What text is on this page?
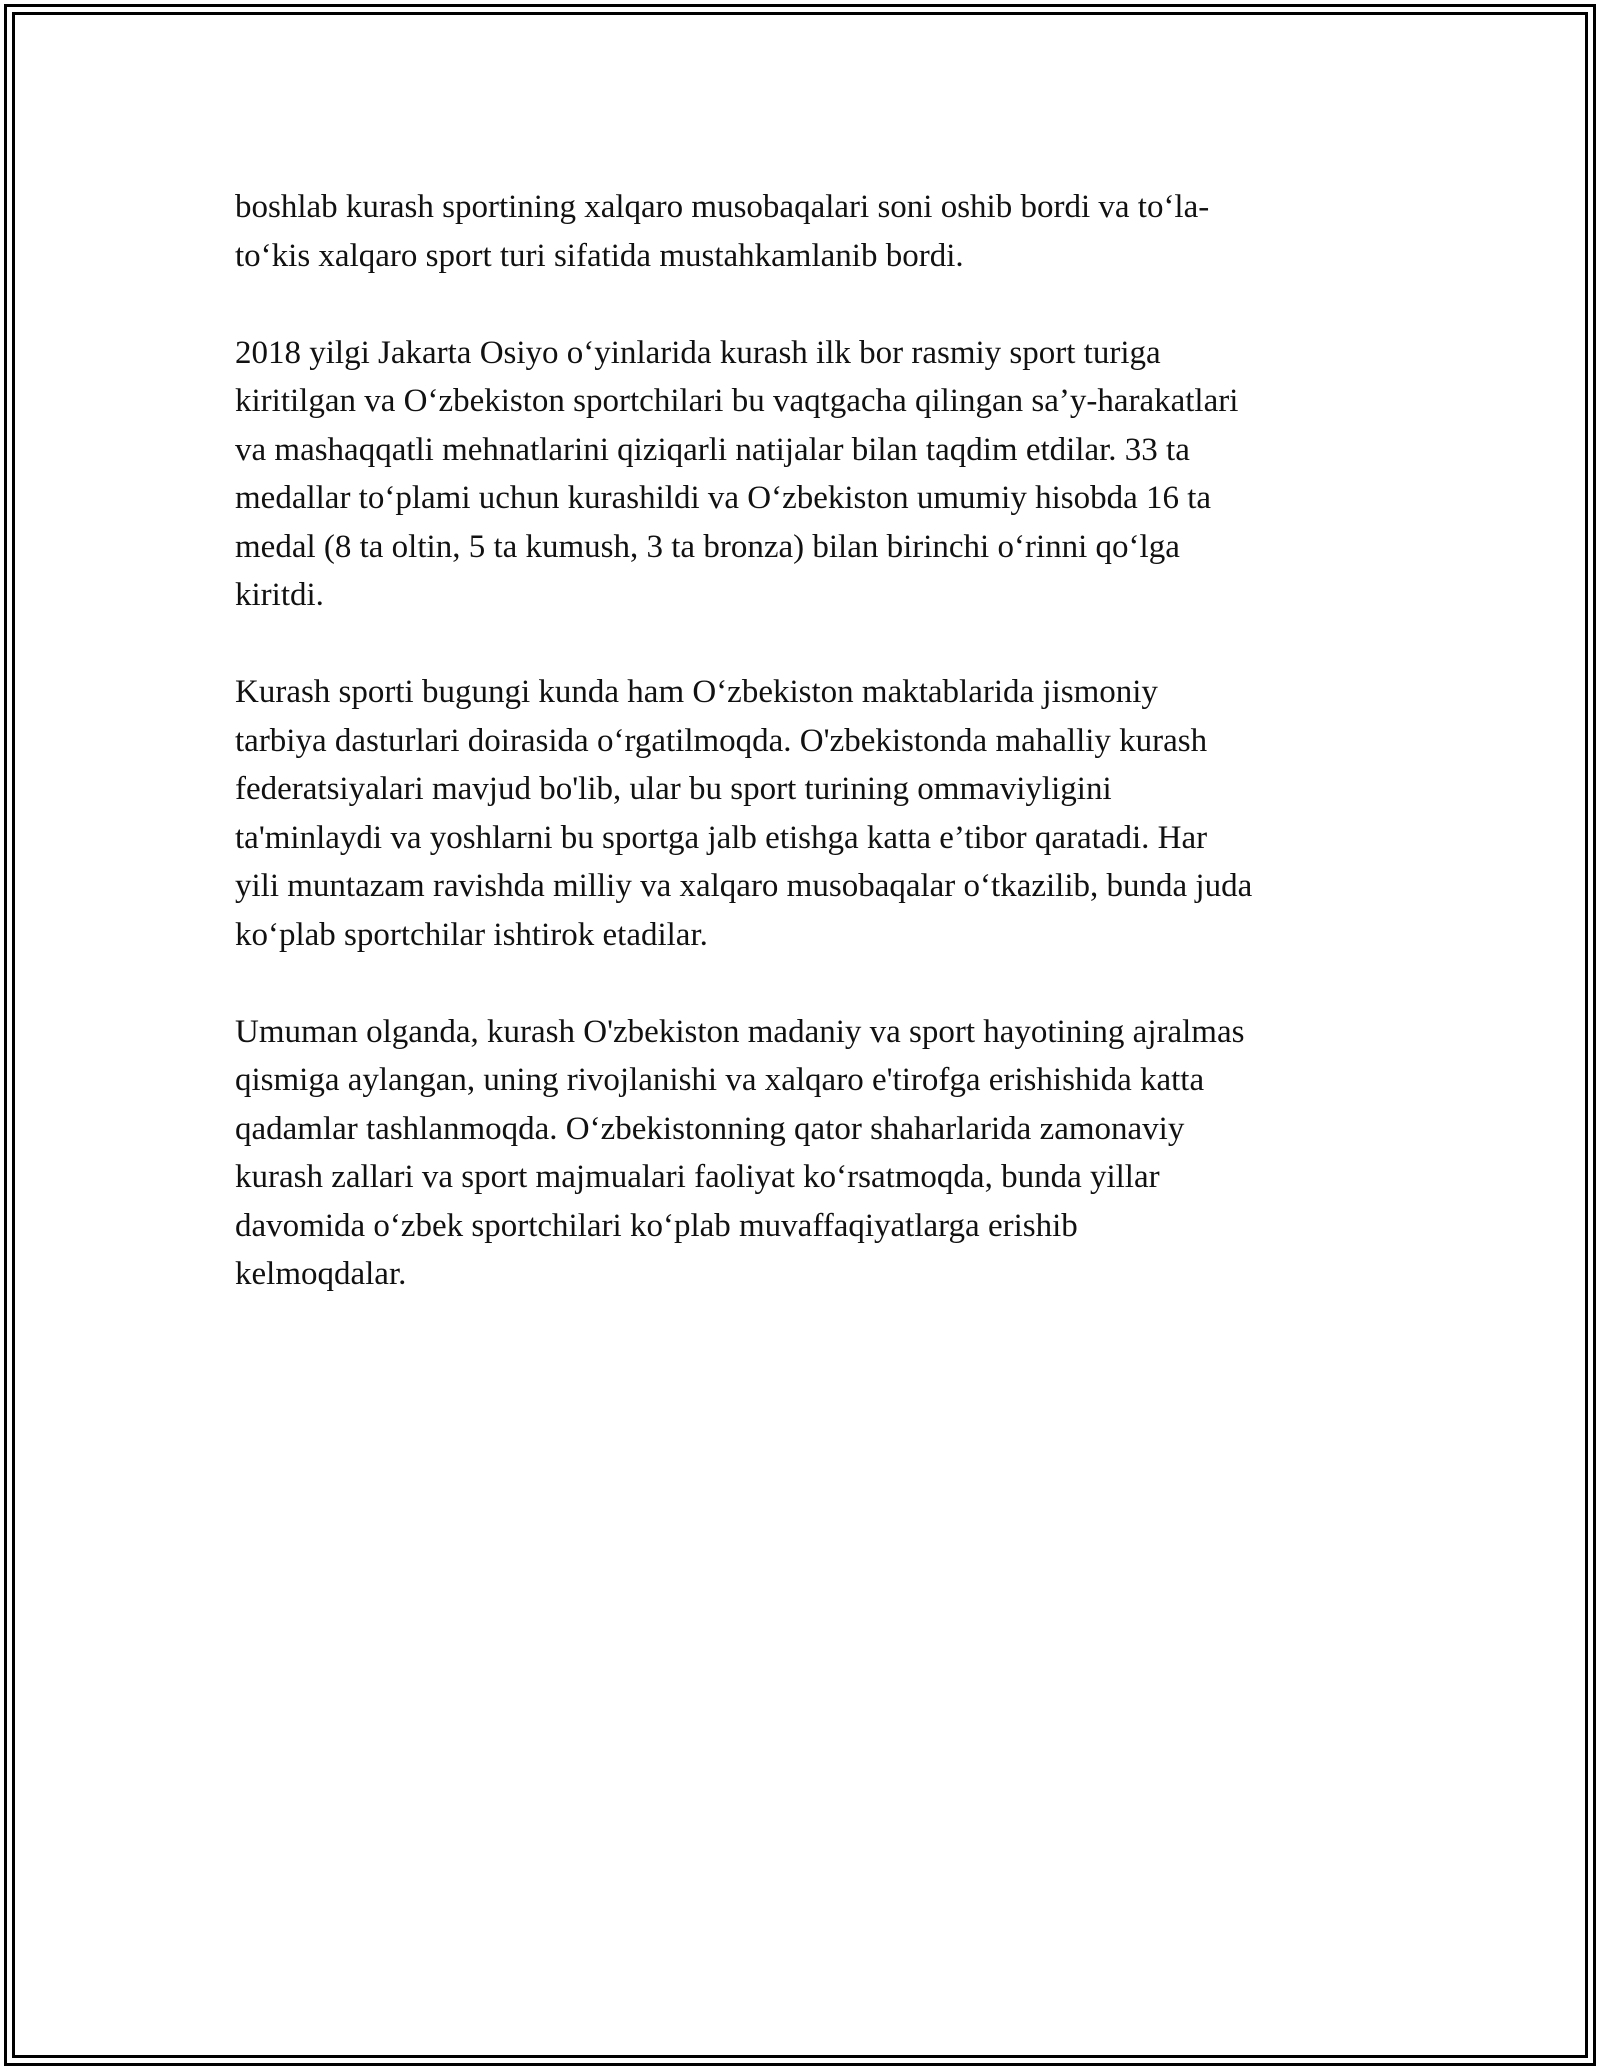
boshlab kurash sportining xalqaro musobaqalari soni oshib bordi va to‘la-
to‘kis xalqaro sport turi sifatida mustahkamlanib bordi.
2018 yilgi Jakarta Osiyo o‘yinlarida kurash ilk bor rasmiy sport turiga
kiritilgan va O‘zbekiston sportchilari bu vaqtgacha qilingan sa’y-harakatlari
va mashaqqatli mehnatlarini qiziqarli natijalar bilan taqdim etdilar. 33 ta
medallar to‘plami uchun kurashildi va O‘zbekiston umumiy hisobda 16 ta
medal (8 ta oltin, 5 ta kumush, 3 ta bronza) bilan birinchi o‘rinni qo‘lga
kiritdi.
Kurash sporti bugungi kunda ham O‘zbekiston maktablarida jismoniy
tarbiya dasturlari doirasida o‘rgatilmoqda. O'zbekistonda mahalliy kurash
federatsiyalari mavjud bo'lib, ular bu sport turining ommaviyligini
ta'minlaydi va yoshlarni bu sportga jalb etishga katta e’tibor qaratadi. Har
yili muntazam ravishda milliy va xalqaro musobaqalar o‘tkazilib, bunda juda
ko‘plab sportchilar ishtirok etadilar.
Umuman olganda, kurash O'zbekiston madaniy va sport hayotining ajralmas
qismiga aylangan, uning rivojlanishi va xalqaro e'tirofga erishishida katta
qadamlar tashlanmoqda. O‘zbekistonning qator shaharlarida zamonaviy
kurash zallari va sport majmualari faoliyat ko‘rsatmoqda, bunda yillar
davomida o‘zbek sportchilari ko‘plab muvaffaqiyatlarga erishib
kelmoqdalar.
